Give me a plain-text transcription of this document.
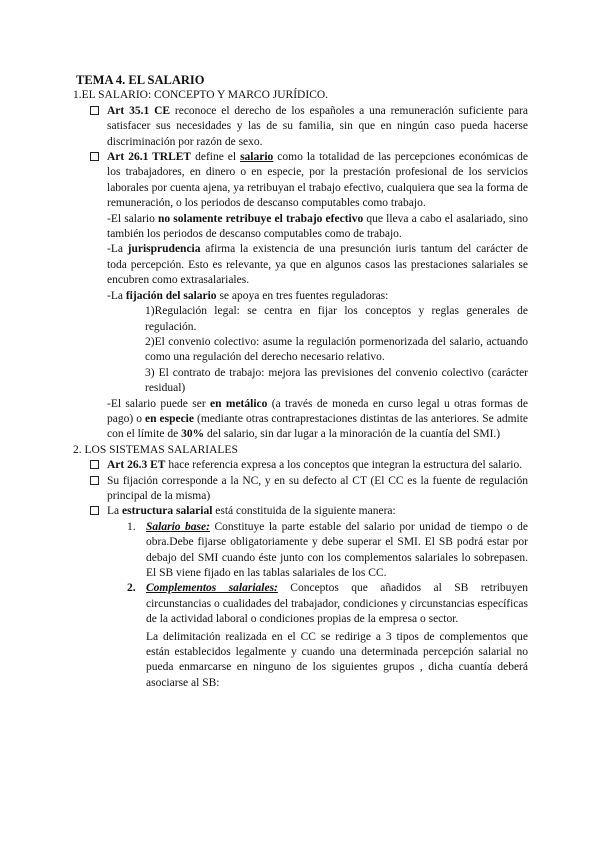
TEMA 4. EL SALARIO

1.EL SALARIO: CONCEPTO Y MARCO JURÍDICO.

Art 35.1 CE reconoce el derecho de los españoles a una remuneración suficiente para satisfacer sus necesidades y las de su familia, sin que en ningún caso pueda hacerse discriminación por razón de sexo.
Art 26.1 TRLET define el salario como la totalidad de las percepciones económicas de los trabajadores, en dinero o en especie, por la prestación profesional de los servicios laborales por cuenta ajena, ya retribuyan el trabajo efectivo, cualquiera que sea la forma de remuneración, o los periodos de descanso computables como trabajo.

-El salario no solamente retribuye el trabajo efectivo que lleva a cabo el asalariado, sino también los periodos de descanso computables como de trabajo.

-La jurisprudencia afirma la existencia de una presunción iuris tantum del carácter de toda percepción. Esto es relevante, ya que en algunos casos las prestaciones salariales se encubren como extrasalariales.

-La fijación del salario se apoya en tres fuentes reguladoras:

1)Regulación legal: se centra en fijar los conceptos y reglas generales de regulación.

2)El convenio colectivo: asume la regulación pormenorizada del salario, actuando como una regulación del derecho necesario relativo.

3) El contrato de trabajo: mejora las previsiones del convenio colectivo (carácter residual)

-El salario puede ser en metálico (a través de moneda en curso legal u otras formas de pago) o en especie (mediante otras contraprestaciones distintas de las anteriores. Se admite con el límite de 30% del salario, sin dar lugar a la minoración de la cuantía del SMI.)

2. LOS SISTEMAS SALARIALES

Art 26.3 ET hace referencia expresa a los conceptos que integran la estructura del salario.
Su fijación corresponde a la NC, y en su defecto al CT (El CC es la fuente de regulación principal de la misma)
La estructura salarial está constituida de la siguiente manera:
1. Salario base: Constituye la parte estable del salario por unidad de tiempo o de obra.Debe fijarse obligatoriamente y debe superar el SMI. El SB podrá estar por debajo del SMI cuando éste junto con los complementos salariales lo sobrepasen. El SB viene fijado en las tablas salariales de los CC.
2. Complementos salariales: Conceptos que añadidos al SB retribuyen circunstancias o cualidades del trabajador, condiciones y circunstancias específicas de la actividad laboral o condiciones propias de la empresa o sector.

La delimitación realizada en el CC se redirige a 3 tipos de complementos que están establecidos legalmente y cuando una determinada percepción salarial no pueda enmarcarse en ninguno de los siguientes grupos , dicha cuantía deberá asociarse al SB:
